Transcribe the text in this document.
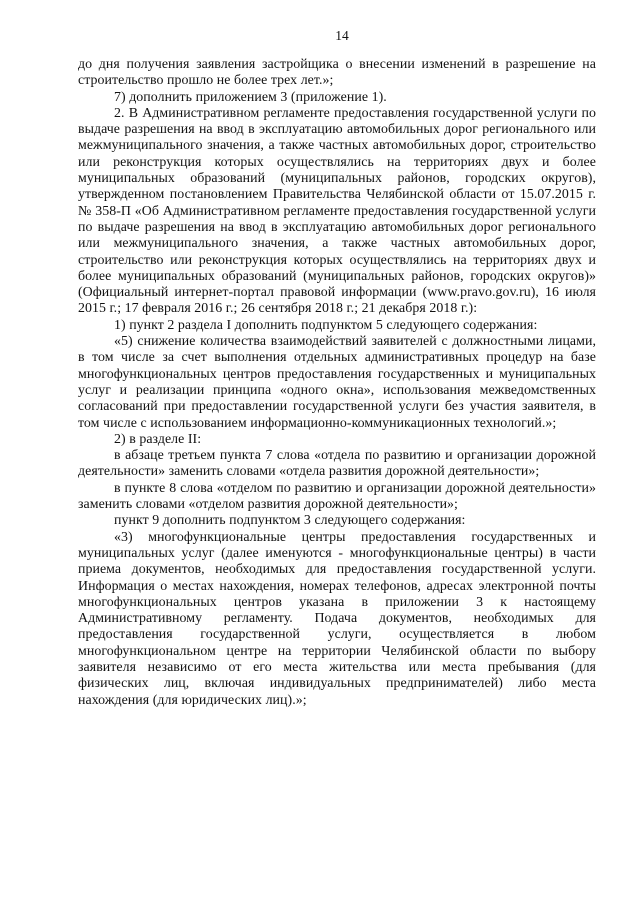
14

до дня получения заявления застройщика о внесении изменений в разрешение на строительство прошло не более трех лет.»;

7) дополнить приложением 3 (приложение 1).

2. В Административном регламенте предоставления государственной услуги по выдаче разрешения на ввод в эксплуатацию автомобильных дорог регионального или межмуниципального значения, а также частных автомобильных дорог, строительство или реконструкция которых осуществлялись на территориях двух и более муниципальных образований (муниципальных районов, городских округов), утвержденном постановлением Правительства Челябинской области от 15.07.2015 г. № 358-П «Об Административном регламенте предоставления государственной услуги по выдаче разрешения на ввод в эксплуатацию автомобильных дорог регионального или межмуниципального значения, а также частных автомобильных дорог, строительство или реконструкция которых осуществлялись на территориях двух и более муниципальных образований (муниципальных районов, городских округов)» (Официальный интернет-портал правовой информации (www.pravo.gov.ru), 16 июля 2015 г.; 17 февраля 2016 г.; 26 сентября 2018 г.; 21 декабря 2018 г.):

1) пункт 2 раздела I дополнить подпунктом 5 следующего содержания:

«5) снижение количества взаимодействий заявителей с должностными лицами, в том числе за счет выполнения отдельных административных процедур на базе многофункциональных центров предоставления государственных и муниципальных услуг и реализации принципа «одного окна», использования межведомственных согласований при предоставлении государственной услуги без участия заявителя, в том числе с использованием информационно-коммуникационных технологий.»;

2) в разделе II:

в абзаце третьем пункта 7 слова «отдела по развитию и организации дорожной деятельности» заменить словами «отдела развития дорожной деятельности»;

в пункте 8 слова «отделом по развитию и организации дорожной деятельности» заменить словами «отделом развития дорожной деятельности»;

пункт 9 дополнить подпунктом 3 следующего содержания:

«3) многофункциональные центры предоставления государственных и муниципальных услуг (далее именуются - многофункциональные центры) в части приема документов, необходимых для предоставления государственной услуги. Информация о местах нахождения, номерах телефонов, адресах электронной почты многофункциональных центров указана в приложении 3 к настоящему Административному регламенту. Подача документов, необходимых для предоставления государственной услуги, осуществляется в любом многофункциональном центре на территории Челябинской области по выбору заявителя независимо от его места жительства или места пребывания (для физических лиц, включая индивидуальных предпринимателей) либо места нахождения (для юридических лиц).»;
